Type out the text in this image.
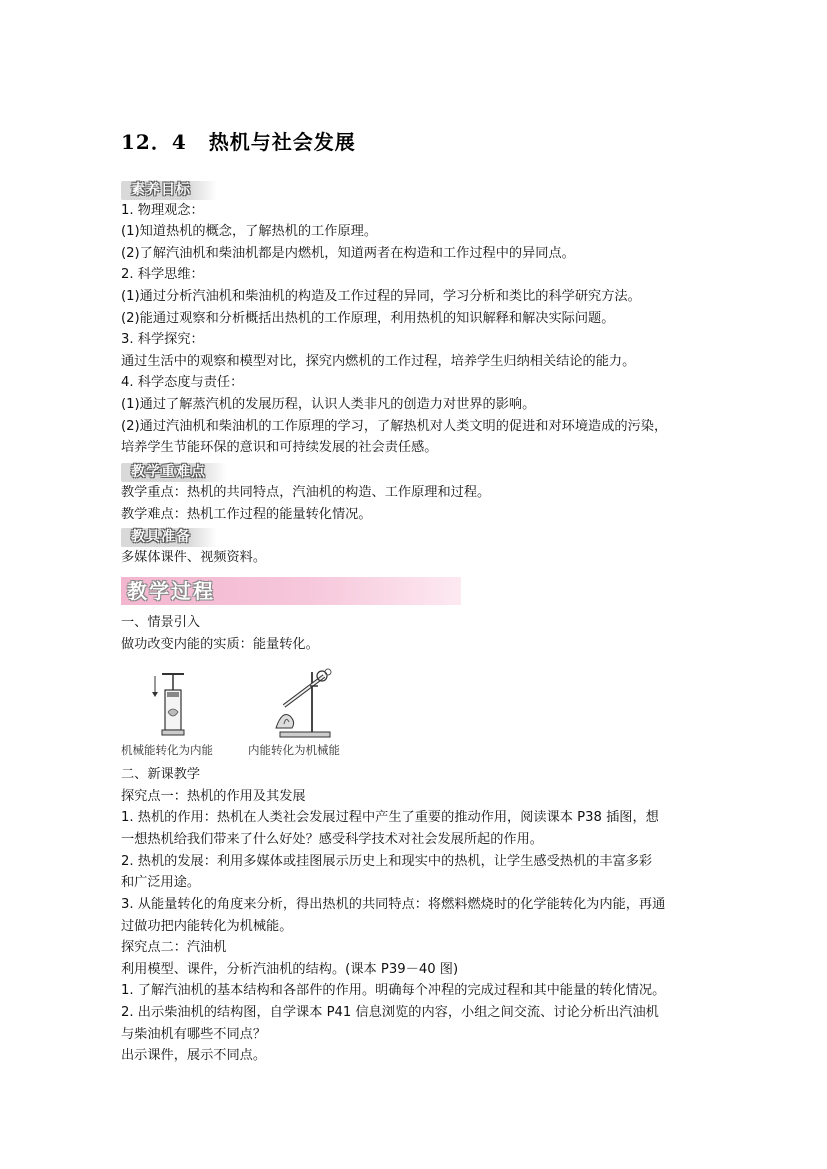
12．4 热机与社会发展
素养目标
1. 物理观念：
(1)知道热机的概念，了解热机的工作原理。
(2)了解汽油机和柴油机都是内燃机，知道两者在构造和工作过程中的异同点。
2. 科学思维：
(1)通过分析汽油机和柴油机的构造及工作过程的异同，学习分析和类比的科学研究方法。
(2)能通过观察和分析概括出热机的工作原理，利用热机的知识解释和解决实际问题。
3. 科学探究：
通过生活中的观察和模型对比，探究内燃机的工作过程，培养学生归纳相关结论的能力。
4. 科学态度与责任：
(1)通过了解蒸汽机的发展历程，认识人类非凡的创造力对世界的影响。
(2)通过汽油机和柴油机的工作原理的学习，了解热机对人类文明的促进和对环境造成的污染，
培养学生节能环保的意识和可持续发展的社会责任感。
教学重难点
教学重点：热机的共同特点，汽油机的构造、工作原理和过程。
教学难点：热机工作过程的能量转化情况。
教具准备
多媒体课件、视频资料。
教学过程
一、情景引入
做功改变内能的实质：能量转化。
机械能转化为内能	内能转化为机械能
二、新课教学
探究点一：热机的作用及其发展
1. 热机的作用：热机在人类社会发展过程中产生了重要的推动作用，阅读课本 P38 插图，想
一想热机给我们带来了什么好处？感受科学技术对社会发展所起的作用。
2. 热机的发展：利用多媒体或挂图展示历史上和现实中的热机，让学生感受热机的丰富多彩
和广泛用途。
3. 从能量转化的角度来分析，得出热机的共同特点：将燃料燃烧时的化学能转化为内能，再通
过做功把内能转化为机械能。
探究点二：汽油机
利用模型、课件，分析汽油机的结构。(课本 P39－40 图)
1. 了解汽油机的基本结构和各部件的作用。明确每个冲程的完成过程和其中能量的转化情况。
2. 出示柴油机的结构图，自学课本 P41 信息浏览的内容，小组之间交流、讨论分析出汽油机
与柴油机有哪些不同点？
出示课件，展示不同点。
